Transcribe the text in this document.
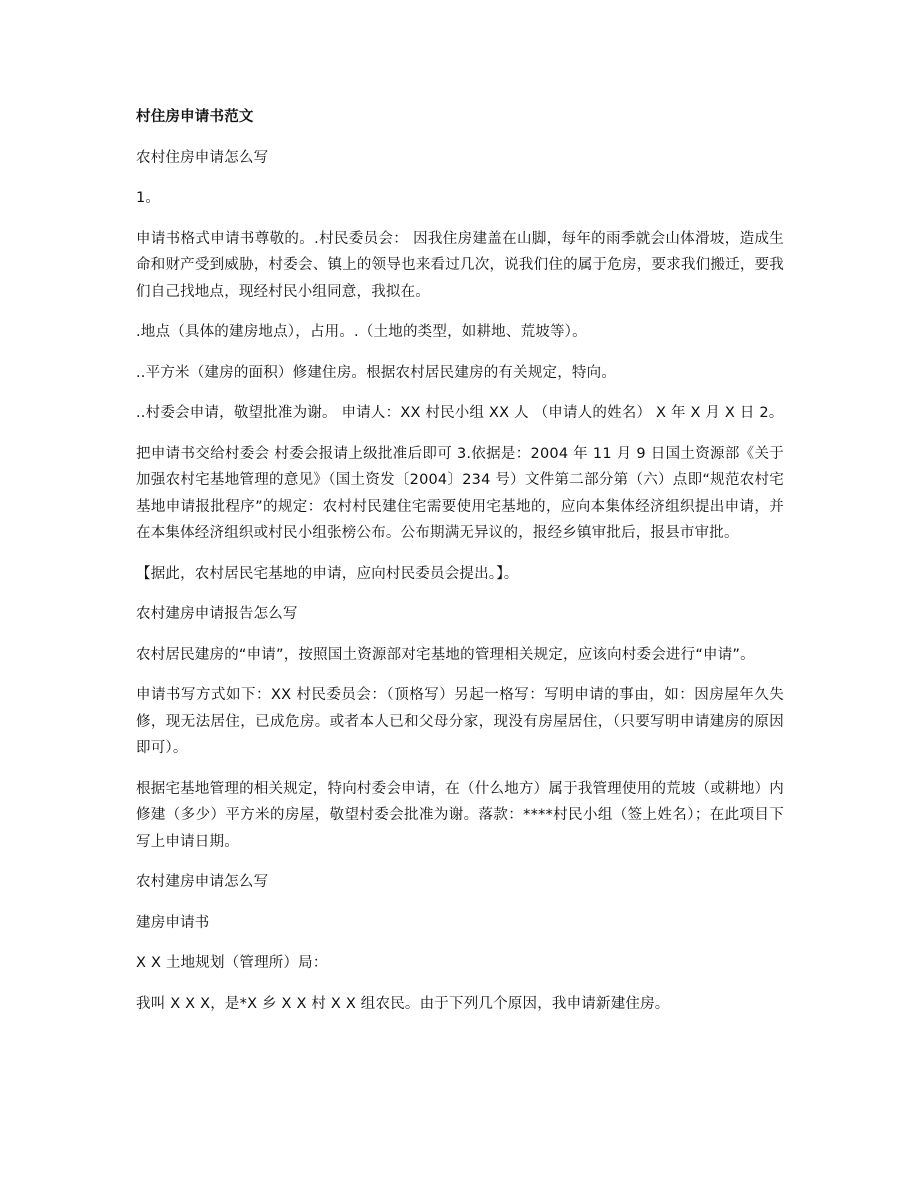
村住房申请书范文

农村住房申请怎么写

1。

申请书格式申请书尊敬的。.村民委员会： 因我住房建盖在山脚，每年的雨季就会山体滑坡，造成生命和财产受到威胁，村委会、镇上的领导也来看过几次，说我们住的属于危房，要求我们搬迁，要我们自己找地点，现经村民小组同意，我拟在。

.地点（具体的建房地点），占用。.（土地的类型，如耕地、荒坡等）。

..平方米（建房的面积）修建住房。根据农村居民建房的有关规定，特向。

..村委会申请，敬望批准为谢。 申请人：XX 村民小组 XX 人 （申请人的姓名） X 年 X 月 X 日 2。

把申请书交给村委会 村委会报请上级批准后即可 3.依据是：2004 年 11 月 9 日国土资源部《关于加强农村宅基地管理的意见》（国土资发〔2004〕234 号）文件第二部分第（六）点即“规范农村宅基地申请报批程序”的规定：农村村民建住宅需要使用宅基地的，应向本集体经济组织提出申请，并在本集体经济组织或村民小组张榜公布。公布期满无异议的，报经乡镇审批后，报县市审批。

【据此，农村居民宅基地的申请，应向村民委员会提出。】。

农村建房申请报告怎么写

农村居民建房的“申请”，按照国土资源部对宅基地的管理相关规定，应该向村委会进行“申请”。

申请书写方式如下：XX 村民委员会：（顶格写）另起一格写：写明申请的事由，如：因房屋年久失修，现无法居住，已成危房。或者本人已和父母分家，现没有房屋居住，（只要写明申请建房的原因即可）。

根据宅基地管理的相关规定，特向村委会申请，在（什么地方）属于我管理使用的荒坡（或耕地）内修建（多少）平方米的房屋，敬望村委会批准为谢。落款：****村民小组（签上姓名）；在此项目下写上申请日期。

农村建房申请怎么写

建房申请书

X X 土地规划（管理所）局：

我叫 X X X，是*X 乡 X X 村 X X 组农民。由于下列几个原因，我申请新建住房。
